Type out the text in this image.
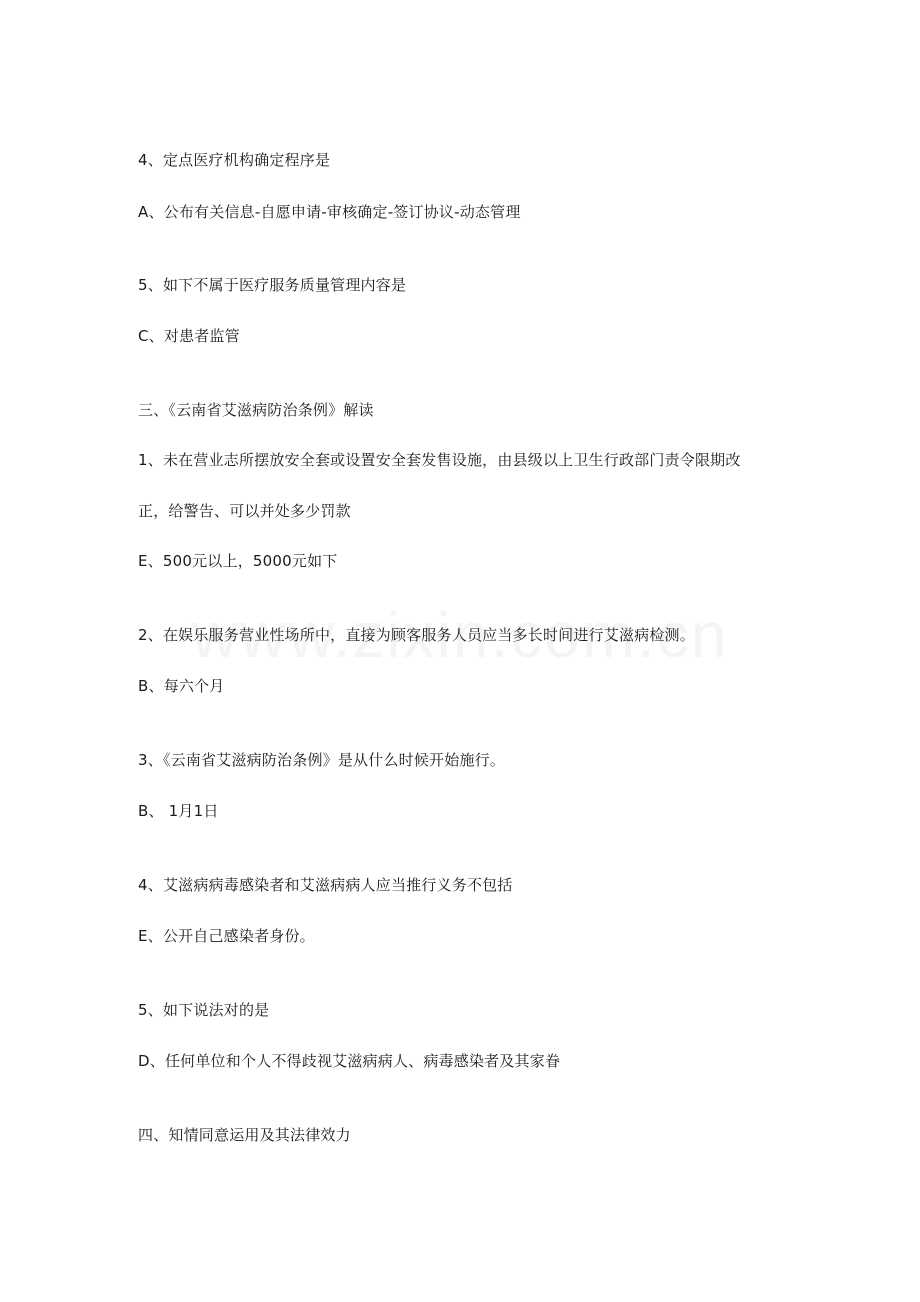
4、定点医疗机构确定程序是
A、公布有关信息-自愿申请-审核确定-签订协议-动态管理
5、如下不属于医疗服务质量管理内容是
C、对患者监管
三、《云南省艾滋病防治条例》解读
1、未在营业志所摆放安全套或设置安全套发售设施，由县级以上卫生行政部门责令限期改
正，给警告、可以并处多少罚款
E、500元以上，5000元如下
2、在娱乐服务营业性场所中，直接为顾客服务人员应当多长时间进行艾滋病检测。
B、每六个月
3、《云南省艾滋病防治条例》是从什么时候开始施行。
B、 1月1日
4、艾滋病病毒感染者和艾滋病病人应当推行义务不包括
E、公开自己感染者身份。
5、如下说法对的是
D、任何单位和个人不得歧视艾滋病病人、病毒感染者及其家眷
四、知情同意运用及其法律效力
